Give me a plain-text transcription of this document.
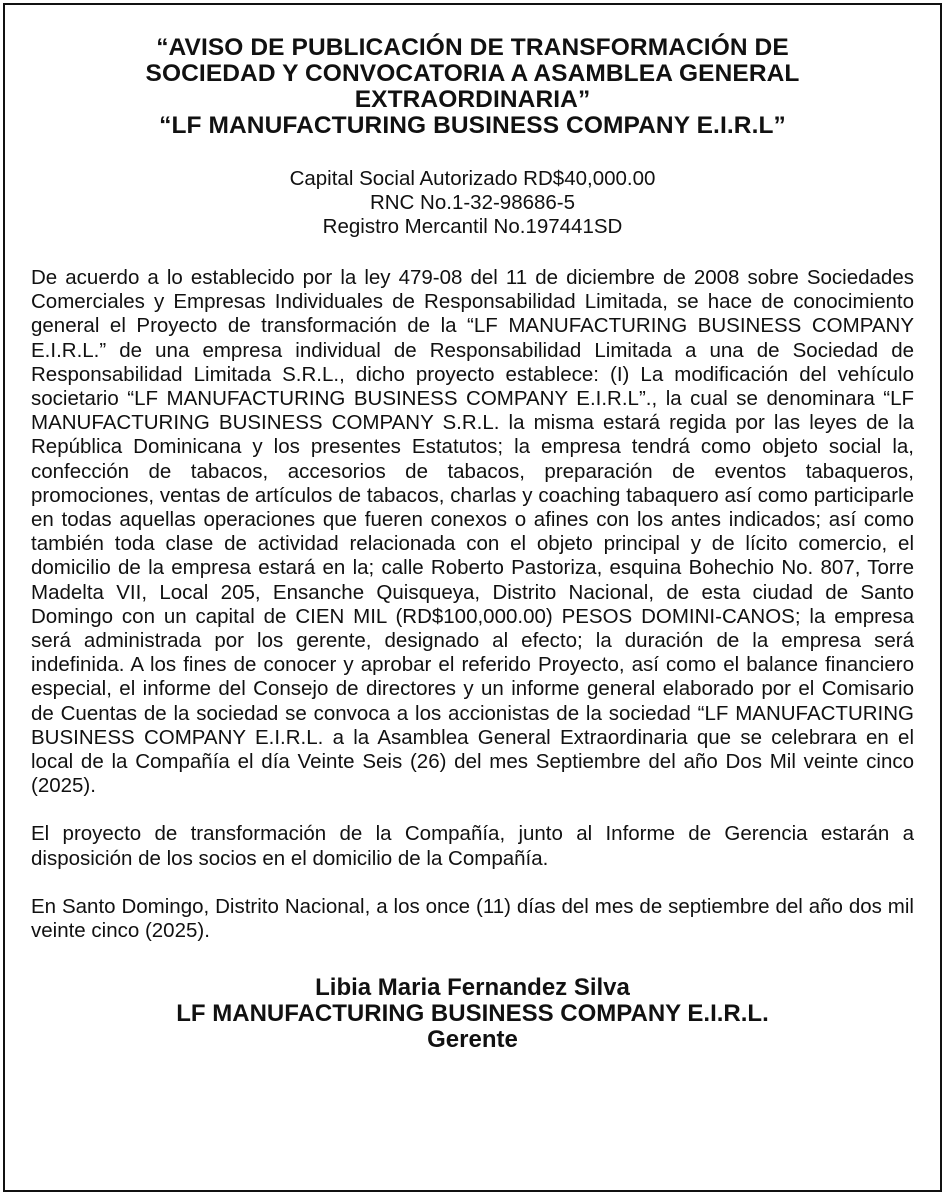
“AVISO DE PUBLICACIÓN DE TRANSFORMACIÓN DE
SOCIEDAD Y CONVOCATORIA A ASAMBLEA GENERAL
EXTRAORDINARIA”
“LF MANUFACTURING BUSINESS COMPANY E.I.R.L”
Capital Social Autorizado RD$40,000.00
RNC No.1-32-98686-5
Registro Mercantil No.197441SD

De acuerdo a lo establecido por la ley 479-08 del 11 de diciembre de 2008 sobre Sociedades Comerciales y Empresas Individuales de Responsabilidad Limitada, se hace de conocimiento general el Proyecto de transformación de la “LF MANUFACTURING BUSINESS COMPANY E.I.R.L.” de una empresa individual de Responsabilidad Limitada a una de Sociedad de Responsabilidad Limitada S.R.L., dicho proyecto establece: (I) La modificación del vehículo societario “LF MANUFACTURING BUSINESS COMPANY E.I.R.L”., la cual se denominara “LF MANUFACTURING BUSINESS COMPANY S.R.L. la misma estará regida por las leyes de la República Dominicana y los presentes Estatutos; la empresa tendrá como objeto social la, confección de tabacos, accesorios de tabacos, preparación de eventos tabaqueros, promociones, ventas de artículos de tabacos, charlas y coaching tabaquero así como participarle en todas aquellas operaciones que fueren conexos o afines con los antes indicados; así como también toda clase de actividad relacionada con el objeto principal y de lícito comercio, el domicilio de la empresa estará en la; calle Roberto Pastoriza, esquina Bohechio No. 807, Torre Madelta VII, Local 205, Ensanche Quisqueya, Distrito Nacional, de esta ciudad de Santo Domingo con un capital de CIEN MIL (RD$100,000.00) PESOS DOMINI-CANOS; la empresa será administrada por los gerente, designado al efecto; la duración de la empresa será indefinida. A los fines de conocer y aprobar el referido Proyecto, así como el balance financiero especial, el informe del Consejo de directores y un informe general elaborado por el Comisario de Cuentas de la sociedad se convoca a los accionistas de la sociedad “LF MANUFACTURING BUSINESS COMPANY E.I.R.L. a la Asamblea General Extraordinaria que se celebrara en el local de la Compañía el día Veinte Seis (26) del mes Septiembre del año Dos Mil veinte cinco (2025).

El proyecto de transformación de la Compañía, junto al Informe de Gerencia estarán a disposición de los socios en el domicilio de la Compañía.

En Santo Domingo, Distrito Nacional, a los once (11) días del mes de septiembre del año dos mil veinte cinco (2025).

Libia Maria Fernandez Silva
LF MANUFACTURING BUSINESS COMPANY E.I.R.L.
Gerente
